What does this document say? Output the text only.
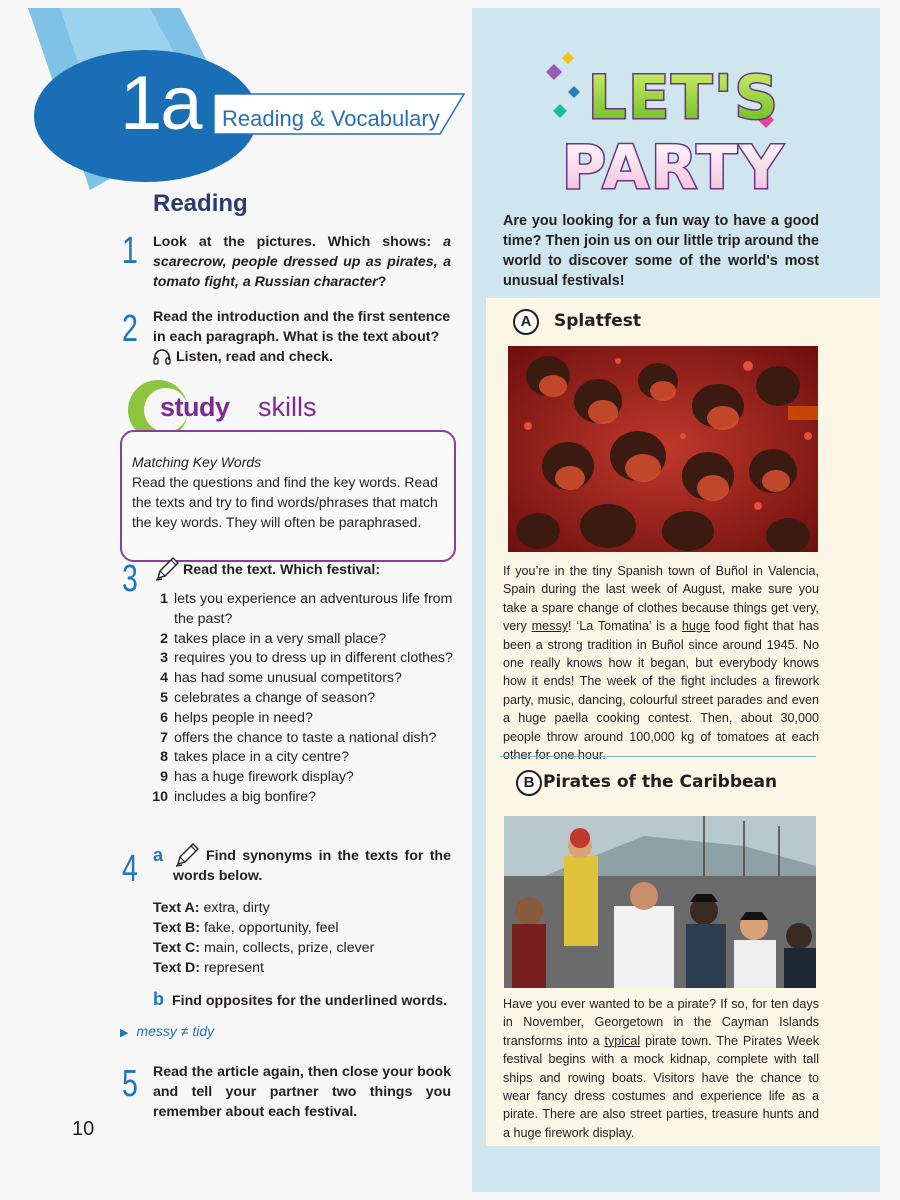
1a Reading & Vocabulary
Reading
1 Look at the pictures. Which shows: a scarecrow, people dressed up as pirates, a tomato fight, a Russian character?
2 Read the introduction and the first sentence in each paragraph. What is the text about?
Listen, read and check.
study skills
Matching Key Words
Read the questions and find the key words. Read the texts and try to find words/phrases that match the key words. They will often be paraphrased.
3	Read the text. Which festival:
1 lets you experience an adventurous life from the past?
2 takes place in a very small place?
3 requires you to dress up in different clothes?
4 has had some unusual competitors?
5 celebrates a change of season?
6 helps people in need?
7 offers the chance to taste a national dish?
8 takes place in a city centre?
9 has a huge firework display?
10 includes a big bonfire?
4 a	Find synonyms in the texts for the words below.
Text A: extra, dirty
Text B: fake, opportunity, feel
Text C: main, collects, prize, clever
Text D: represent
b Find opposites for the underlined words.
▶ messy ≠ tidy
5 Read the article again, then close your book and tell your partner two things you remember about each festival.
10
LET'S
PARTY
Are you looking for a fun way to have a good time? Then join us on our little trip around the world to discover some of the world's most unusual festivals!
A	Splatfest
If you’re in the tiny Spanish town of Buñol in Valencia, Spain during the last week of August, make sure you take a spare change of clothes because things get very, very messy! ‘La Tomatina’ is a huge food fight that has been a strong tradition in Buñol since around 1945. No one really knows how it began, but everybody knows how it ends! The week of the fight includes a firework party, music, dancing, colourful street parades and even a huge paella cooking contest. Then, about 30,000 people throw around 100,000 kg of tomatoes at each other for one hour.
B Pirates of the Caribbean
Have you ever wanted to be a pirate? If so, for ten days in November, Georgetown in the Cayman Islands transforms into a typical pirate town. The Pirates Week festival begins with a mock kidnap, complete with tall ships and rowing boats. Visitors have the chance to wear fancy dress costumes and experience life as a pirate. There are also street parties, treasure hunts and a huge firework display.
